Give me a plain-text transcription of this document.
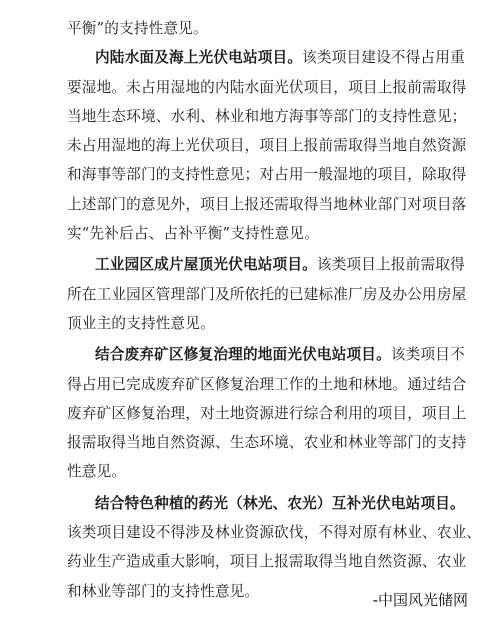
平衡”的支持性意见。
内陆水面及海上光伏电站项目。该类项目建设不得占用重
要湿地。未占用湿地的内陆水面光伏项目，项目上报前需取得
当地生态环境、水利、林业和地方海事等部门的支持性意见；
未占用湿地的海上光伏项目，项目上报前需取得当地自然资源
和海事等部门的支持性意见；对占用一般湿地的项目，除取得
上述部门的意见外，项目上报还需取得当地林业部门对项目落
实“先补后占、占补平衡”支持性意见。
工业园区成片屋顶光伏电站项目。该类项目上报前需取得
所在工业园区管理部门及所依托的已建标准厂房及办公用房屋
顶业主的支持性意见。
结合废弃矿区修复治理的地面光伏电站项目。该类项目不
得占用已完成废弃矿区修复治理工作的土地和林地。通过结合
废弃矿区修复治理，对土地资源进行综合利用的项目，项目上
报需取得当地自然资源、生态环境、农业和林业等部门的支持
性意见。
结合特色种植的药光（林光、农光）互补光伏电站项目。
该类项目建设不得涉及林业资源砍伐，不得对原有林业、农业、
药业生产造成重大影响，项目上报需取得当地自然资源、农业
和林业等部门的支持性意见。	-中国风光储网
